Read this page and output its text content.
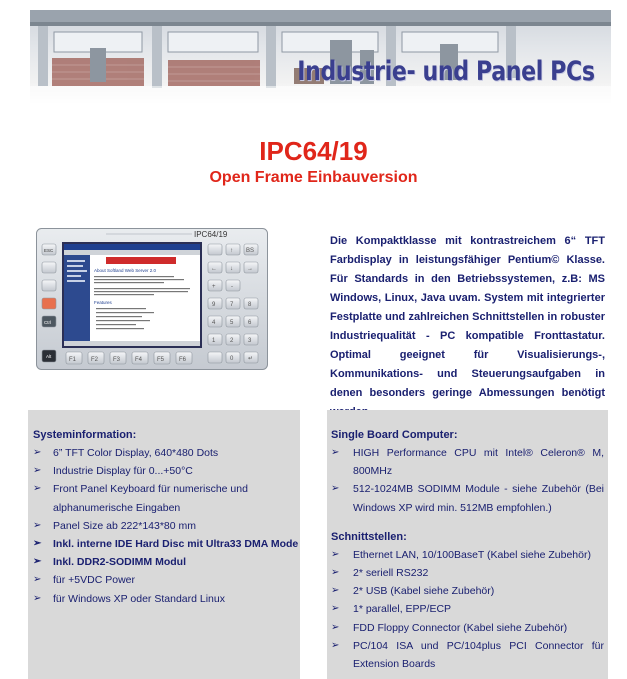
Industrie- und Panel PCs
IPC64/19
Open Frame Einbauversion
IPC64/19
About Softland Web Server 2.0
Features
ESC
Ctrl
Alt
F1 F2 F3 F4 F5 F6
↑ BS
← ↓ →
+	-
7 8
9
4 5 6
1 2 3
0 ↵

Die Kompaktklasse mit kontrastreichem 6“ TFT Farbdisplay in leistungsfähiger Pentium© Klasse. Für Standards in den Betriebssystemen, z.B: MS Windows, Linux, Java uvam. System mit integrierter Festplatte und zahlreichen Schnittstellen in robuster Industriequalität - PC kompatible Fronttastatur. Optimal geeignet für Visualisierungs-, Kommunikations- und Steuerungsaufgaben in denen besonders geringe Abmessungen benötigt

Systeminformation:
➢ 6” TFT Color Display, 640*480 Dots
➢ Industrie Display für 0...+50°C
➢ Front Panel Keyboard für numerische und alphanumerische Eingaben
➢ Panel Size ab 222*143*80 mm
➢ Inkl. interne IDE Hard Disc mit Ultra33 DMA Mode
➢ Inkl. DDR2-SODIMM Modul
➢ für +5VDC Power
➢ für Windows XP oder Standard Linux
Single Board Computer:
➢ HIGH Performance CPU mit Intel® Celeron® M, 800MHz
➢ 512-1024MB SODIMM Module - siehe Zubehör (Bei Windows XP wird min. 512MB empfohlen.)
Schnittstellen:
➢ Ethernet LAN, 10/100BaseT (Kabel siehe Zubehör)
➢ 2* seriell RS232
➢ 2* USB (Kabel siehe Zubehör)
➢ 1* parallel, EPP/ECP
➢ FDD Floppy Connector (Kabel siehe Zubehör)
➢ PC/104 ISA und PC/104plus PCI Connector für Extension Boards
